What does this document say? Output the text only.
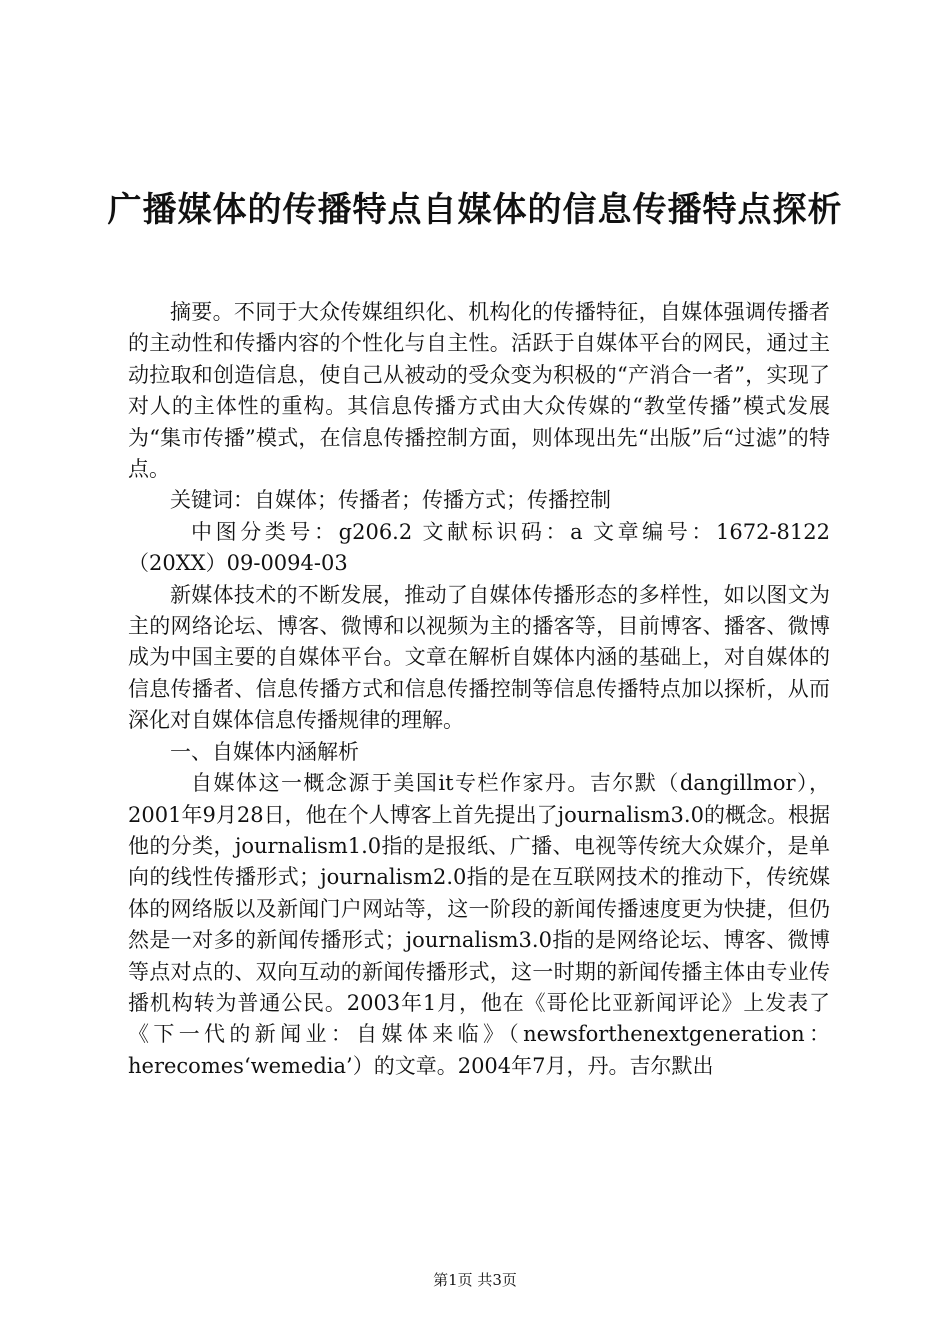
广播媒体的传播特点自媒体的信息传播特点探析

摘要。不同于大众传媒组织化、机构化的传播特征，自媒体强调传播者的主动性和传播内容的个性化与自主性。活跃于自媒体平台的网民，通过主动拉取和创造信息，使自己从被动的受众变为积极的“产消合一者”，实现了对人的主体性的重构。其信息传播方式由大众传媒的“教堂传播”模式发展为“集市传播”模式，在信息传播控制方面，则体现出先“出版”后“过滤”的特点。

关键词：自媒体；传播者；传播方式；传播控制

中图分类号：g206.2 文献标识码：a 文章编号：1672-8122（20XX）09-0094-03

新媒体技术的不断发展，推动了自媒体传播形态的多样性，如以图文为主的网络论坛、博客、微博和以视频为主的播客等，目前博客、播客、微博成为中国主要的自媒体平台。文章在解析自媒体内涵的基础上，对自媒体的信息传播者、信息传播方式和信息传播控制等信息传播特点加以探析，从而深化对自媒体信息传播规律的理解。

一、自媒体内涵解析

自媒体这一概念源于美国it专栏作家丹。吉尔默（dangillmor），2001年9月28日，他在个人博客上首先提出了journalism3.0的概念。根据他的分类，journalism1.0指的是报纸、广播、电视等传统大众媒介，是单向的线性传播形式；journalism2.0指的是在互联网技术的推动下，传统媒体的网络版以及新闻门户网站等，这一阶段的新闻传播速度更为快捷，但仍然是一对多的新闻传播形式；journalism3.0指的是网络论坛、博客、微博等点对点的、双向互动的新闻传播形式，这一时期的新闻传播主体由专业传播机构转为普通公民。2003年1月，他在《哥伦比亚新闻评论》上发表了《下一代的新闻业：自媒体来临》（newsforthenextgeneration：herecomes‘wemedia’）的文章。2004年7月，丹。吉尔默出

第1页 共3页
